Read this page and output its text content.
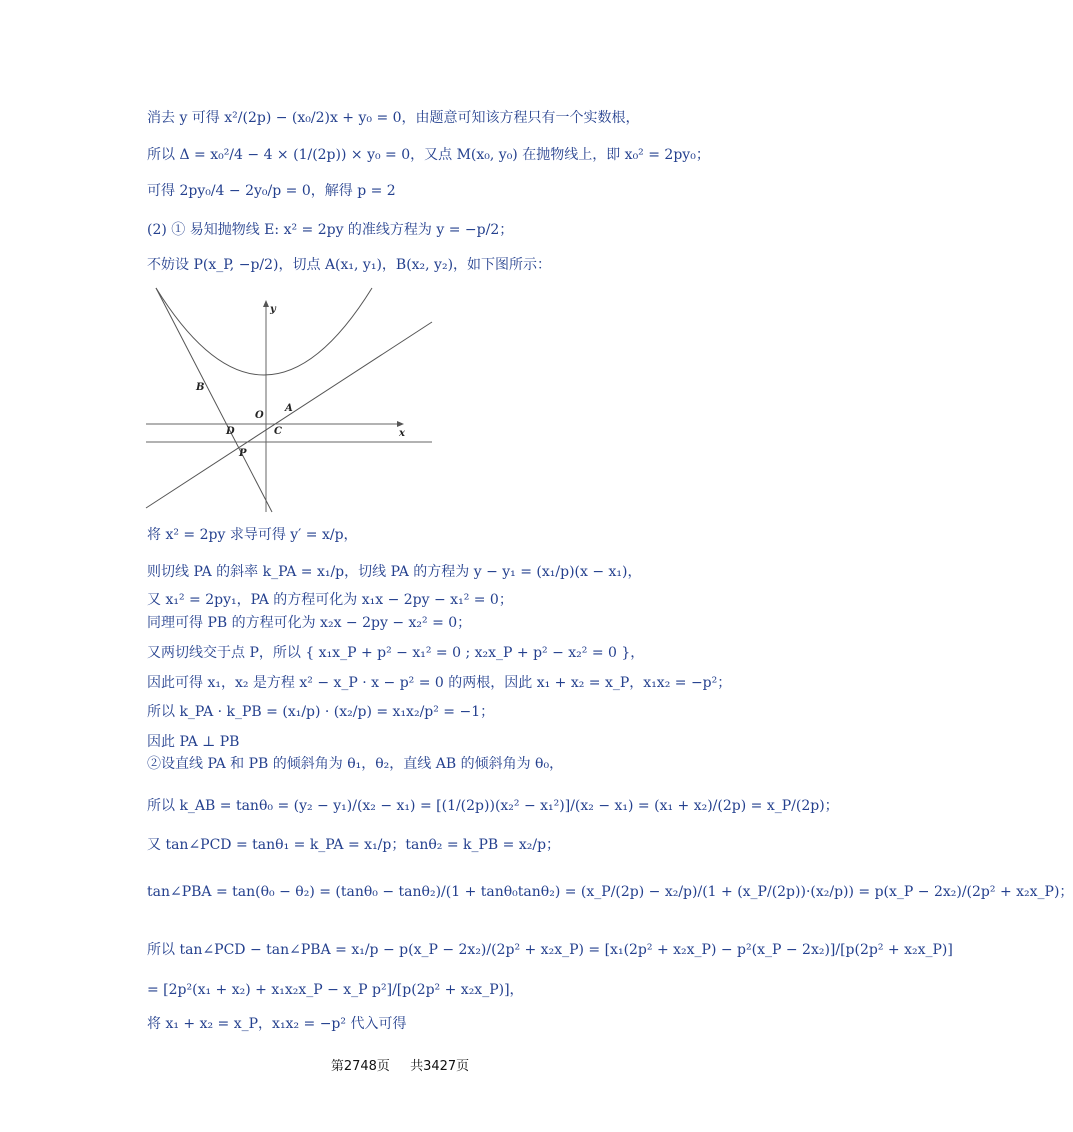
消去 y 可得 x²/(2p) − (x₀/2)x + y₀ = 0，由题意可知该方程只有一个实数根，
所以 Δ = x₀²/4 − 4 × (1/(2p)) × y₀ = 0，又点 M(x₀, y₀) 在抛物线上，即 x₀² = 2py₀；
可得 2py₀/4 − 2y₀/p = 0，解得 p = 2
(2) ① 易知抛物线 E: x² = 2py 的准线方程为 y = −p/2；
不妨设 P(x_P, −p/2)，切点 A(x₁, y₁)，B(x₂, y₂)，如下图所示：
y
x
O
A
B
C
D
P
将 x² = 2py 求导可得 y′ = x/p，
则切线 PA 的斜率 k_PA = x₁/p，切线 PA 的方程为 y − y₁ = (x₁/p)(x − x₁)，
又 x₁² = 2py₁，PA 的方程可化为 x₁x − 2py − x₁² = 0；
同理可得 PB 的方程可化为 x₂x − 2py − x₂² = 0；
又两切线交于点 P，所以 { x₁x_P + p² − x₁² = 0 ; x₂x_P + p² − x₂² = 0 }，
因此可得 x₁，x₂ 是方程 x² − x_P · x − p² = 0 的两根，因此 x₁ + x₂ = x_P，x₁x₂ = −p²；
所以 k_PA · k_PB = (x₁/p) · (x₂/p) = x₁x₂/p² = −1；
因此 PA ⊥ PB
②设直线 PA 和 PB 的倾斜角为 θ₁，θ₂，直线 AB 的倾斜角为 θ₀，
所以 k_AB = tanθ₀ = (y₂ − y₁)/(x₂ − x₁) = [(1/(2p))(x₂² − x₁²)]/(x₂ − x₁) = (x₁ + x₂)/(2p) = x_P/(2p)；
又 tan∠PCD = tanθ₁ = k_PA = x₁/p；tanθ₂ = k_PB = x₂/p；
tan∠PBA = tan(θ₀ − θ₂) = (tanθ₀ − tanθ₂)/(1 + tanθ₀tanθ₂) = (x_P/(2p) − x₂/p)/(1 + (x_P/(2p))·(x₂/p)) = p(x_P − 2x₂)/(2p² + x₂x_P)；
所以 tan∠PCD − tan∠PBA = x₁/p − p(x_P − 2x₂)/(2p² + x₂x_P) = [x₁(2p² + x₂x_P) − p²(x_P − 2x₂)]/[p(2p² + x₂x_P)]
= [2p²(x₁ + x₂) + x₁x₂x_P − x_P p²]/[p(2p² + x₂x_P)]，
将 x₁ + x₂ = x_P，x₁x₂ = −p² 代入可得
第2748页 共3427页
